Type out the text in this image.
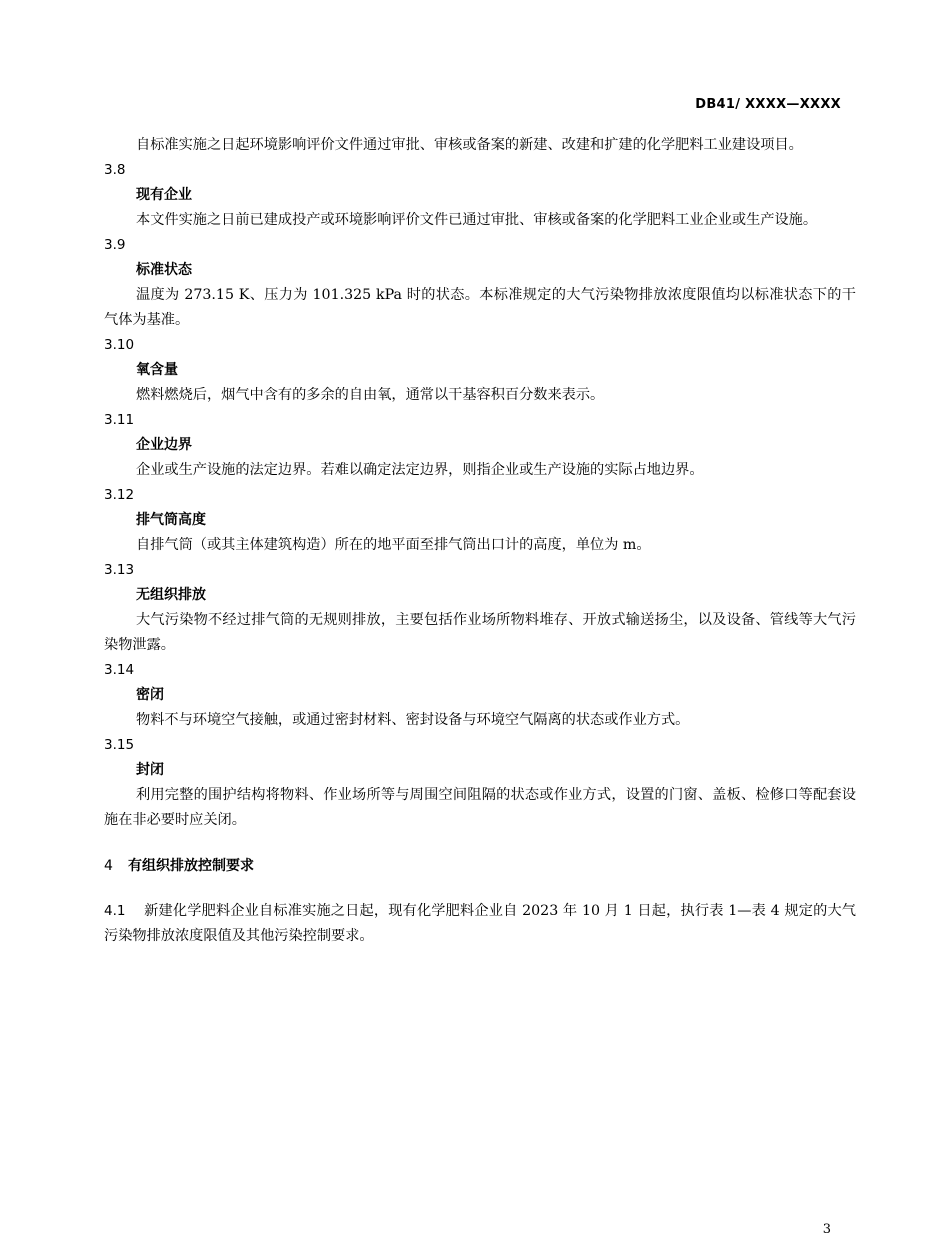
DB41/ XXXX—XXXX

自标准实施之日起环境影响评价文件通过审批、审核或备案的新建、改建和扩建的化学肥料工业建设项目。

3.8

现有企业

本文件实施之日前已建成投产或环境影响评价文件已通过审批、审核或备案的化学肥料工业企业或生产设施。

3.9

标准状态

温度为 273.15 K、压力为 101.325 kPa 时的状态。本标准规定的大气污染物排放浓度限值均以标准状态下的干气体为基准。

3.10

氧含量

燃料燃烧后，烟气中含有的多余的自由氧，通常以干基容积百分数来表示。

3.11

企业边界

企业或生产设施的法定边界。若难以确定法定边界，则指企业或生产设施的实际占地边界。

3.12

排气筒高度

自排气筒（或其主体建筑构造）所在的地平面至排气筒出口计的高度，单位为 m。

3.13

无组织排放

大气污染物不经过排气筒的无规则排放，主要包括作业场所物料堆存、开放式输送扬尘，以及设备、管线等大气污染物泄露。

3.14

密闭

物料不与环境空气接触，或通过密封材料、密封设备与环境空气隔离的状态或作业方式。

3.15

封闭

利用完整的围护结构将物料、作业场所等与周围空间阻隔的状态或作业方式，设置的门窗、盖板、检修口等配套设施在非必要时应关闭。

4 有组织排放控制要求

4.1 新建化学肥料企业自标准实施之日起，现有化学肥料企业自 2023 年 10 月 1 日起，执行表 1—表 4 规定的大气污染物排放浓度限值及其他污染控制要求。

3
